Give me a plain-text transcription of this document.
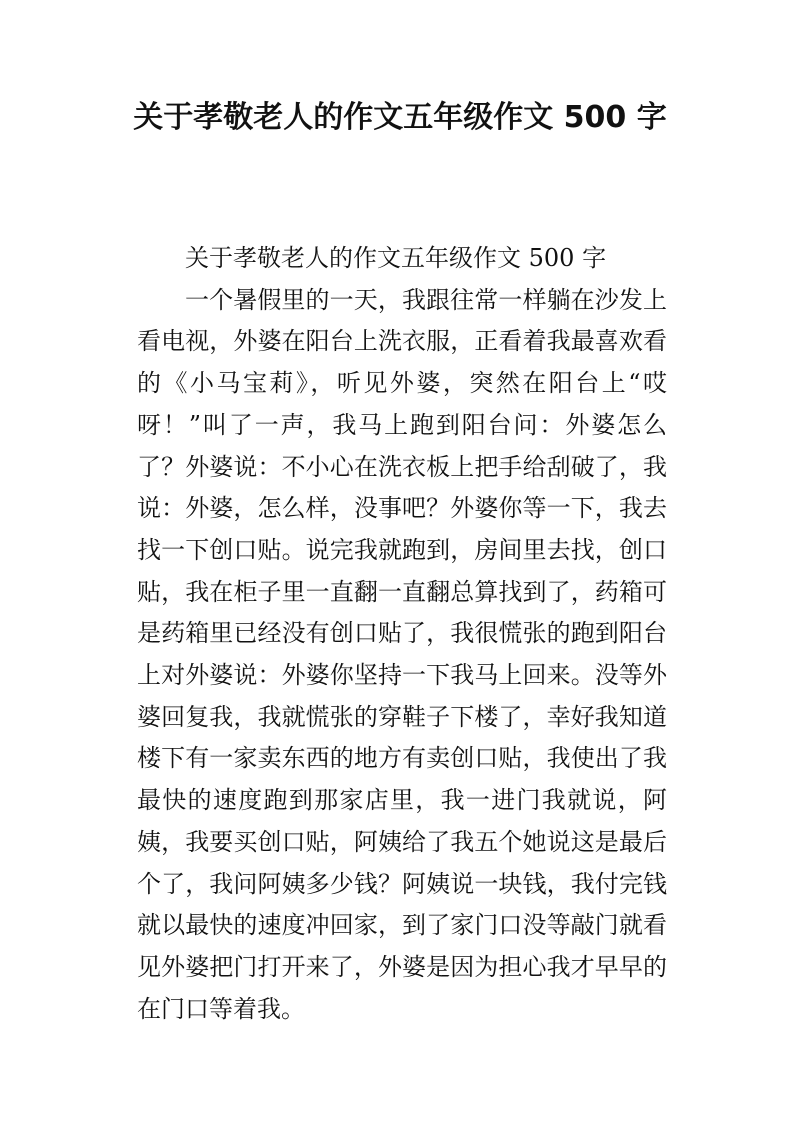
关于孝敬老人的作文五年级作文 500 字

关于孝敬老人的作文五年级作文 500 字

一个暑假里的一天，我跟往常一样躺在沙发上看电视，外婆在阳台上洗衣服，正看着我最喜欢看的《小马宝莉》，听见外婆，突然在阳台上“哎呀！”叫了一声，我马上跑到阳台问：外婆怎么了？外婆说：不小心在洗衣板上把手给刮破了，我说：外婆，怎么样，没事吧？外婆你等一下，我去找一下创口贴。说完我就跑到，房间里去找，创口贴，我在柜子里一直翻一直翻总算找到了，药箱可是药箱里已经没有创口贴了，我很慌张的跑到阳台上对外婆说：外婆你坚持一下我马上回来。没等外婆回复我，我就慌张的穿鞋子下楼了，幸好我知道楼下有一家卖东西的地方有卖创口贴，我使出了我最快的速度跑到那家店里，我一进门我就说，阿姨，我要买创口贴，阿姨给了我五个她说这是最后个了，我问阿姨多少钱？阿姨说一块钱，我付完钱就以最快的速度冲回家，到了家门口没等敲门就看见外婆把门打开来了，外婆是因为担心我才早早的在门口等着我。
